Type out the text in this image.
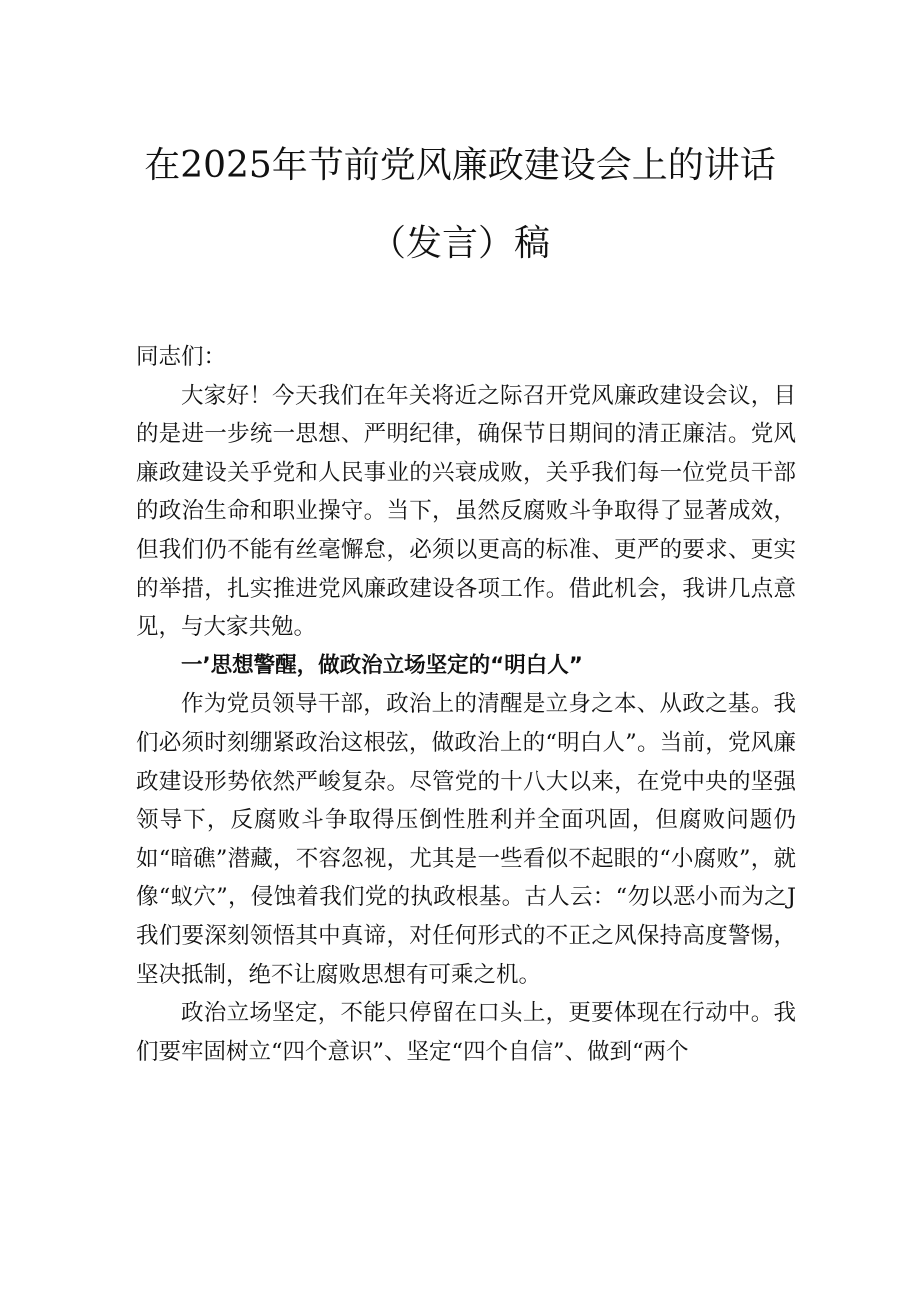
在2025年节前党风廉政建设会上的讲话
（发言）稿

同志们：

大家好！今天我们在年关将近之际召开党风廉政建设会议，目的是进一步统一思想、严明纪律，确保节日期间的清正廉洁。党风廉政建设关乎党和人民事业的兴衰成败，关乎我们每一位党员干部的政治生命和职业操守。当下，虽然反腐败斗争取得了显著成效，但我们仍不能有丝毫懈怠，必须以更高的标准、更严的要求、更实的举措，扎实推进党风廉政建设各项工作。借此机会，我讲几点意见，与大家共勉。

一’思想警醒，做政治立场坚定的“明白人”

作为党员领导干部，政治上的清醒是立身之本、从政之基。我们必须时刻绷紧政治这根弦，做政治上的“明白人”。当前，党风廉政建设形势依然严峻复杂。尽管党的十八大以来，在党中央的坚强领导下，反腐败斗争取得压倒性胜利并全面巩固，但腐败问题仍如“暗礁”潜藏，不容忽视，尤其是一些看似不起眼的“小腐败”，就像“蚁穴”，侵蚀着我们党的执政根基。古人云：“勿以恶小而为之J我们要深刻领悟其中真谛，对任何形式的不正之风保持高度警惕，坚决抵制，绝不让腐败思想有可乘之机。

政治立场坚定，不能只停留在口头上，更要体现在行动中。我们要牢固树立“四个意识”、坚定“四个自信”、做到“两个
